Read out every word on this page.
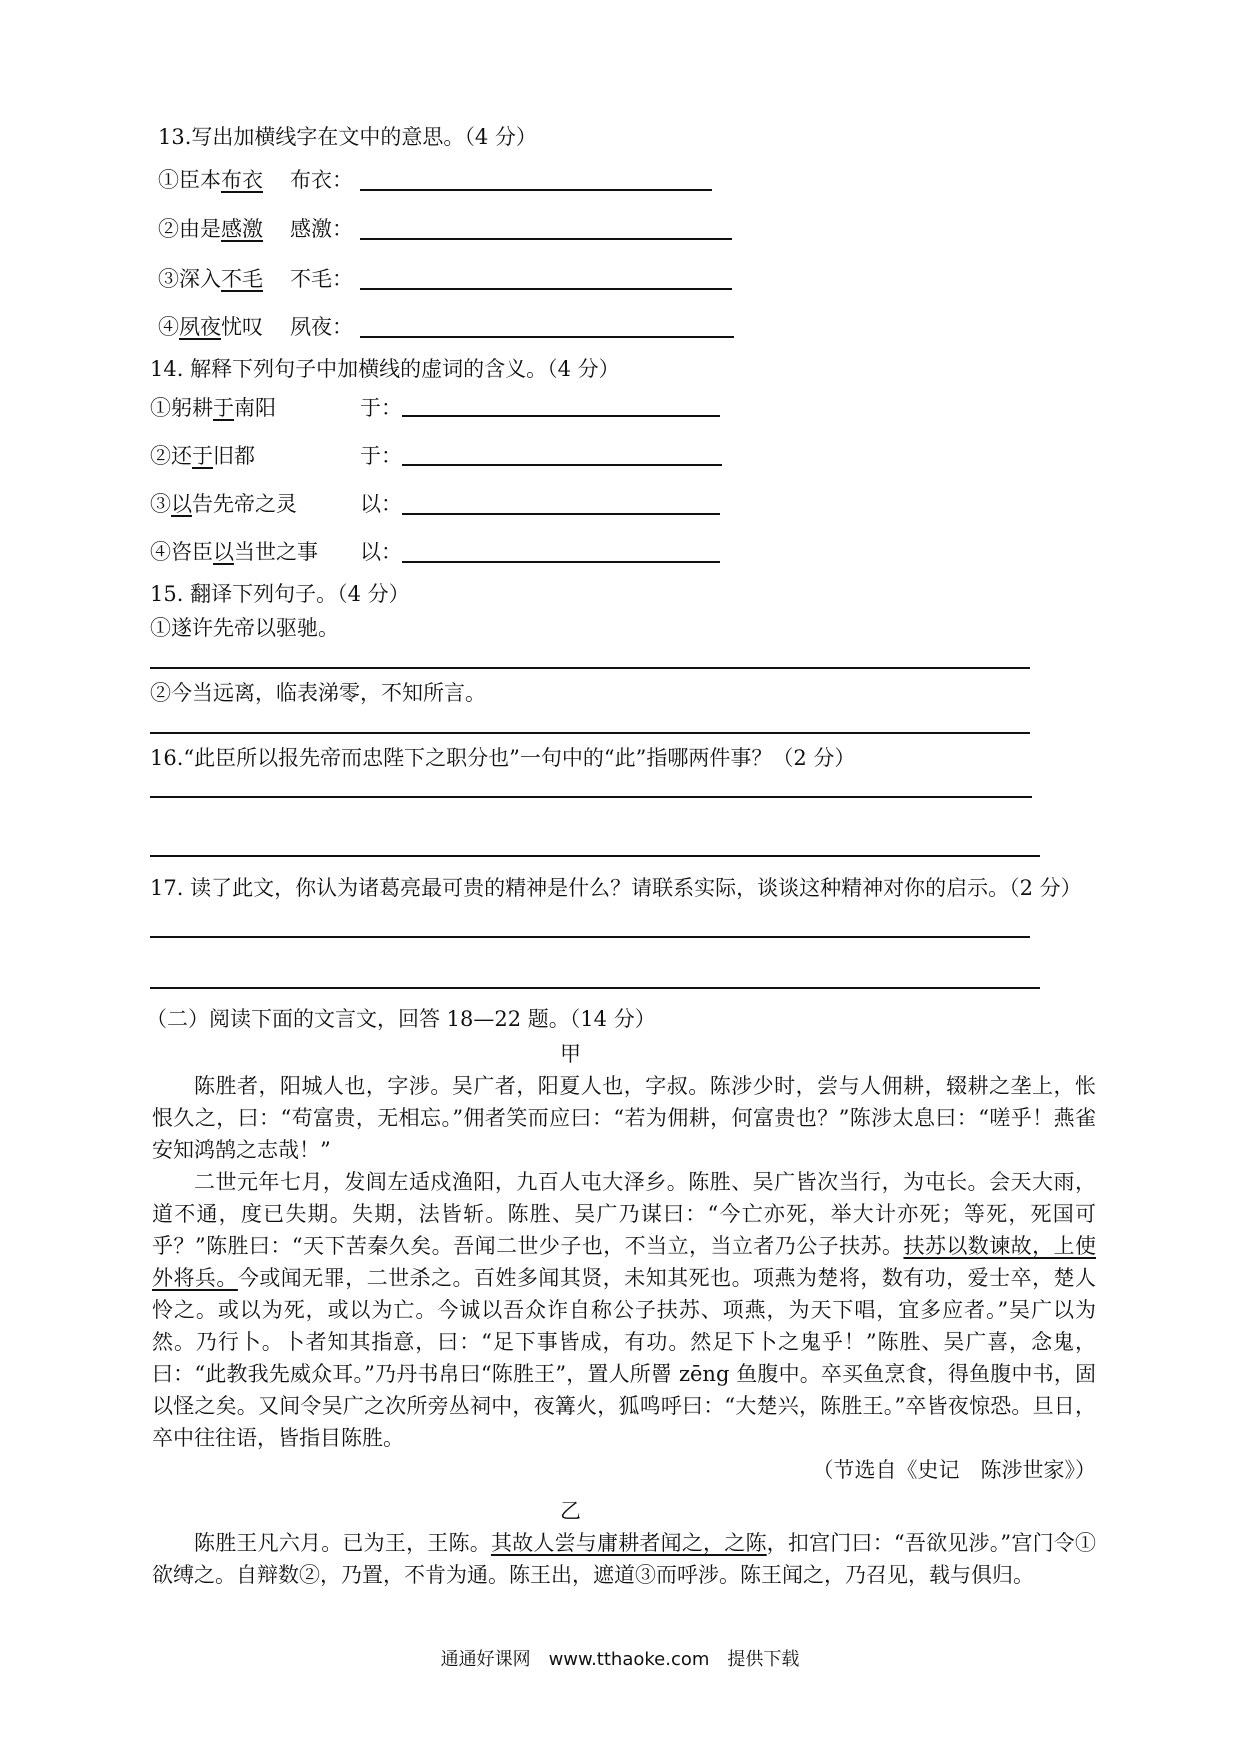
13.写出加横线字在文中的意思。（4 分）
①臣本布衣 布衣：
②由是感激 感激：
③深入不毛 不毛：
④夙夜忧叹 夙夜：
14. 解释下列句子中加横线的虚词的含义。（4 分）
①躬耕于南阳	于：
②还于旧都	于：
③以告先帝之灵	以：
④咨臣以当世之事 以：
15. 翻译下列句子。（4 分）
①遂许先帝以驱驰。
②今当远离，临表涕零，不知所言。
16.“此臣所以报先帝而忠陛下之职分也”一句中的“此”指哪两件事？（2 分）
17. 读了此文，你认为诸葛亮最可贵的精神是什么？请联系实际，谈谈这种精神对你的启示。（2 分）
（二）阅读下面的文言文，回答 18—22 题。（14 分）
甲

陈胜者，阳城人也，字涉。吴广者，阳夏人也，字叔。陈涉少时，尝与人佣耕，辍耕之垄上，怅恨久之，曰：“苟富贵，无相忘。”佣者笑而应曰：“若为佣耕，何富贵也？”陈涉太息曰：“嗟乎！燕雀安知鸿鹄之志哉！”

二世元年七月，发闾左适戍渔阳，九百人屯大泽乡。陈胜、吴广皆次当行，为屯长。会天大雨，道不通，度已失期。失期，法皆斩。陈胜、吴广乃谋曰：“今亡亦死，举大计亦死；等死，死国可乎？”陈胜曰：“天下苦秦久矣。吾闻二世少子也，不当立，当立者乃公子扶苏。扶苏以数谏故，上使外将兵。今或闻无罪，二世杀之。百姓多闻其贤，未知其死也。项燕为楚将，数有功，爱士卒，楚人怜之。或以为死，或以为亡。今诚以吾众诈自称公子扶苏、项燕，为天下唱，宜多应者。”吴广以为然。乃行卜。卜者知其指意，曰：“足下事皆成，有功。然足下卜之鬼乎！”陈胜、吴广喜，念鬼，曰：“此教我先威众耳。”乃丹书帛曰“陈胜王”，置人所罾 zēng 鱼腹中。卒买鱼烹食，得鱼腹中书，固以怪之矣。又间令吴广之次所旁丛祠中，夜篝火，狐鸣呼曰：“大楚兴，陈胜王。”卒皆夜惊恐。旦日，卒中往往语，皆指目陈胜。

（节选自《史记　陈涉世家》）
乙

陈胜王凡六月。已为王，王陈。其故人尝与庸耕者闻之，之陈，扣宫门曰：“吾欲见涉。”宫门令①欲缚之。自辩数②，乃置，不肯为通。陈王出，遮道③而呼涉。陈王闻之，乃召见，载与俱归。

通通好课网　www.tthaoke.com　提供下载
